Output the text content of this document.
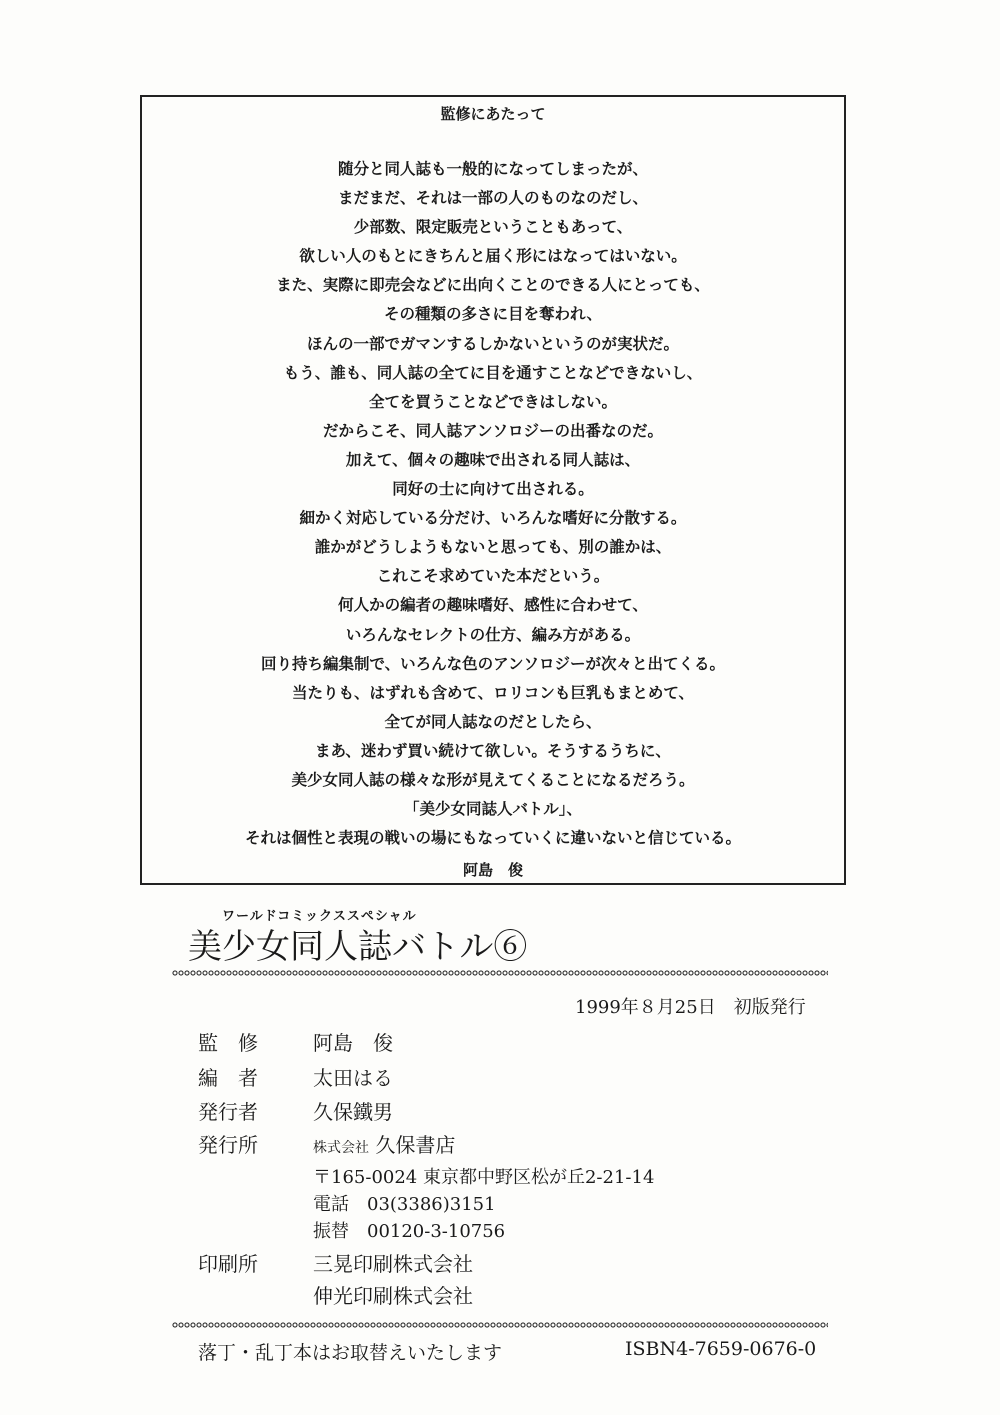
監修にあたって
随分と同人誌も一般的になってしまったが、
まだまだ、それは一部の人のものなのだし、
少部数、限定販売ということもあって、
欲しい人のもとにきちんと届く形にはなってはいない。
また、実際に即売会などに出向くことのできる人にとっても、
その種類の多さに目を奪われ、
ほんの一部でガマンするしかないというのが実状だ。
もう、誰も、同人誌の全てに目を通すことなどできないし、
全てを買うことなどできはしない。
だからこそ、同人誌アンソロジーの出番なのだ。
加えて、個々の趣味で出される同人誌は、
同好の士に向けて出される。
細かく対応している分だけ、いろんな嗜好に分散する。
誰かがどうしようもないと思っても、別の誰かは、
これこそ求めていた本だという。
何人かの編者の趣味嗜好、感性に合わせて、
いろんなセレクトの仕方、編み方がある。
回り持ち編集制で、いろんな色のアンソロジーが次々と出てくる。
当たりも、はずれも含めて、ロリコンも巨乳もまとめて、
全てが同人誌なのだとしたら、
まあ、迷わず買い続けて欲しい。そうするうちに、
美少女同人誌の様々な形が見えてくることになるだろう。
「美少女同誌人バトル」、
それは個性と表現の戦いの場にもなっていくに違いないと信じている。
阿島　俊
ワールドコミックススペシャル
美少女同人誌バトル⑥
1999年８月25日　初版発行
監　修	阿島　俊
編　者	太田はる
発行者	久保鐵男
発行所	株式会社 久保書店
〒165-0024 東京都中野区松が丘2-21-14
電話　03(3386)3151
振替　00120-3-10756
印刷所	三晃印刷株式会社
伸光印刷株式会社
落丁・乱丁本はお取替えいたします	ISBN4-7659-0676-0
